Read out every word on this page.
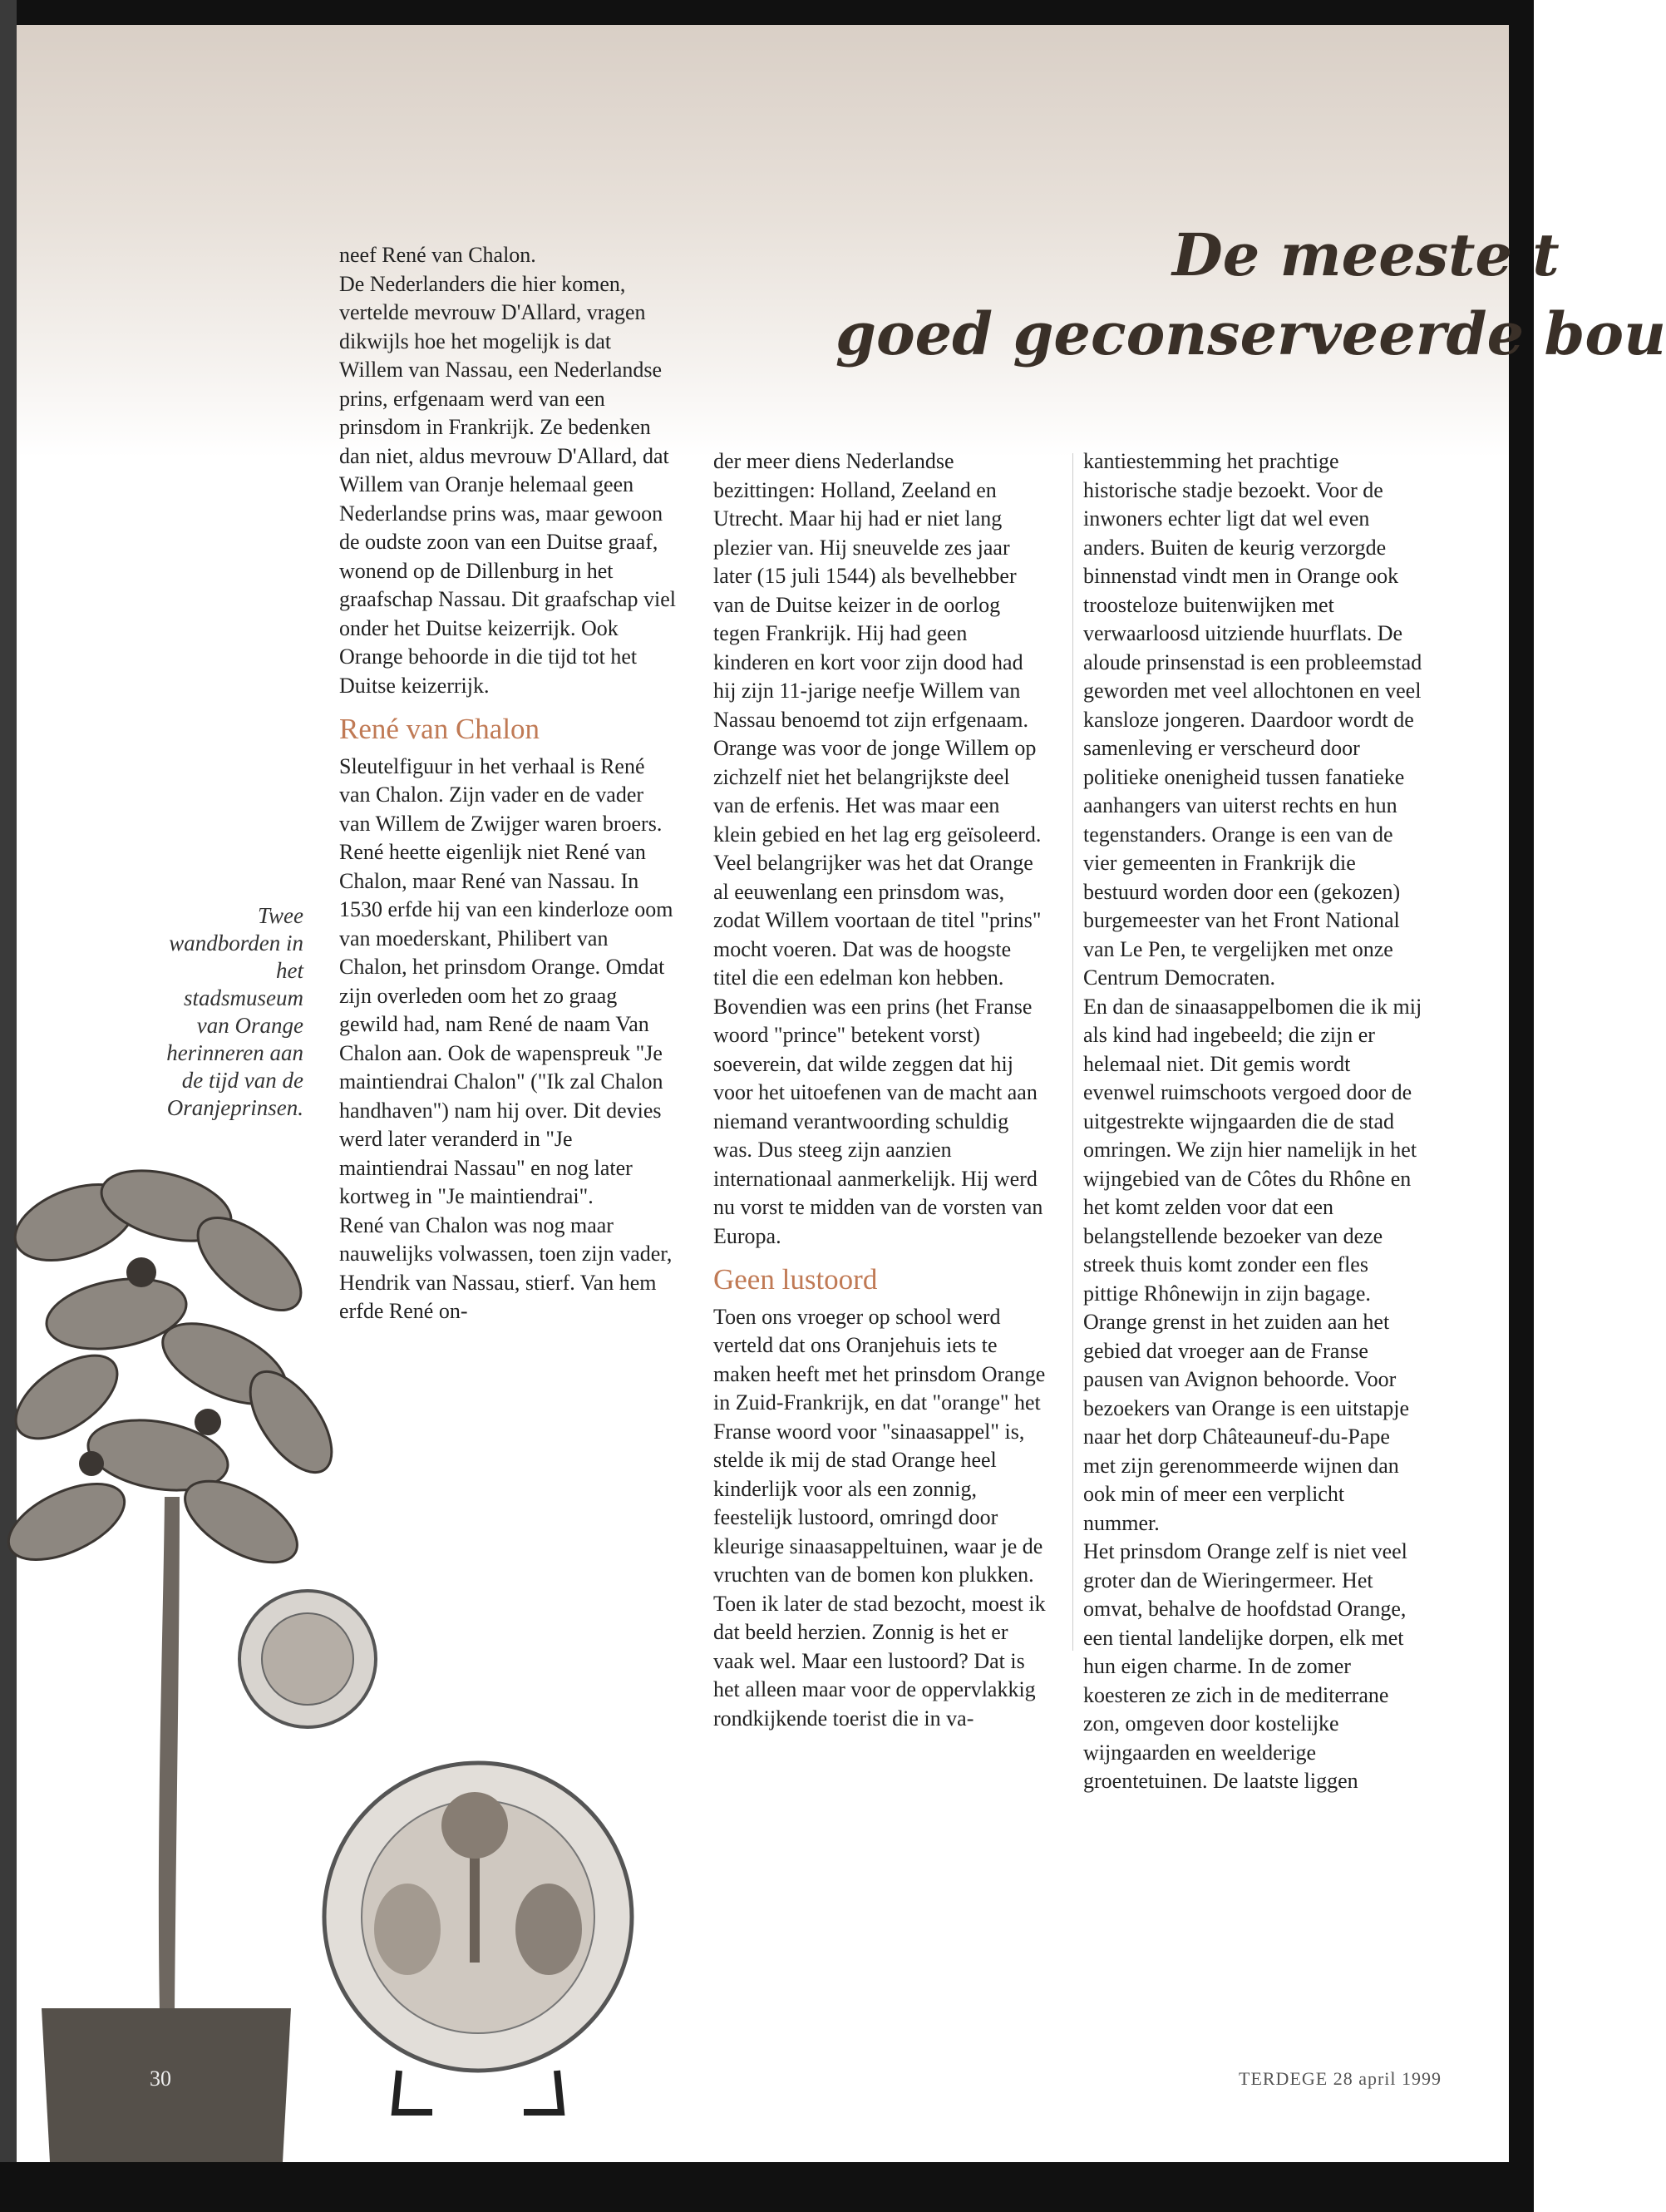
De meeste t
goed geconserveerde bou
Twee wandborden in het stadsmuseum van Orange herinneren aan de tijd van de Oranjeprinsen.

neef René van Chalon.

De Nederlanders die hier komen, vertelde mevrouw D'Allard, vragen dikwijls hoe het mogelijk is dat Willem van Nassau, een Nederlandse prins, erfgenaam werd van een prinsdom in Frankrijk. Ze bedenken dan niet, aldus mevrouw D'Allard, dat Willem van Oranje helemaal geen Nederlandse prins was, maar gewoon de oudste zoon van een Duitse graaf, wonend op de Dillenburg in het graafschap Nassau. Dit graafschap viel onder het Duitse keizerrijk. Ook Orange behoorde in die tijd tot het Duitse keizerrijk.

René van Chalon

Sleutelfiguur in het verhaal is René van Chalon. Zijn vader en de vader van Willem de Zwijger waren broers. René heette eigenlijk niet René van Chalon, maar René van Nassau. In 1530 erfde hij van een kinderloze oom van moederskant, Philibert van Chalon, het prinsdom Orange. Omdat zijn overleden oom het zo graag gewild had, nam René de naam Van Chalon aan. Ook de wapenspreuk "Je maintiendrai Chalon" ("Ik zal Chalon handhaven") nam hij over. Dit devies werd later veranderd in "Je maintiendrai Nassau" en nog later kortweg in "Je maintiendrai".

René van Chalon was nog maar nauwelijks volwassen, toen zijn vader, Hendrik van Nassau, stierf. Van hem erfde René on-

der meer diens Nederlandse bezittingen: Holland, Zeeland en Utrecht. Maar hij had er niet lang plezier van. Hij sneuvelde zes jaar later (15 juli 1544) als bevelhebber van de Duitse keizer in de oorlog tegen Frankrijk. Hij had geen kinderen en kort voor zijn dood had hij zijn 11-jarige neefje Willem van Nassau benoemd tot zijn erfgenaam.

Orange was voor de jonge Willem op zichzelf niet het belangrijkste deel van de erfenis. Het was maar een klein gebied en het lag erg geïsoleerd. Veel belangrijker was het dat Orange al eeuwenlang een prinsdom was, zodat Willem voortaan de titel "prins" mocht voeren. Dat was de hoogste titel die een edelman kon hebben. Bovendien was een prins (het Franse woord "prince" betekent vorst) soeverein, dat wilde zeggen dat hij voor het uitoefenen van de macht aan niemand verantwoording schuldig was. Dus steeg zijn aanzien internationaal aanmerkelijk. Hij werd nu vorst te midden van de vorsten van Europa.

Geen lustoord

Toen ons vroeger op school werd verteld dat ons Oranjehuis iets te maken heeft met het prinsdom Orange in Zuid-Frankrijk, en dat "orange" het Franse woord voor "sinaasappel" is, stelde ik mij de stad Orange heel kinderlijk voor als een zonnig, feestelijk lustoord, omringd door kleurige sinaasappeltuinen, waar je de vruchten van de bomen kon plukken. Toen ik later de stad bezocht, moest ik dat beeld herzien. Zonnig is het er vaak wel. Maar een lustoord? Dat is het alleen maar voor de oppervlakkig rondkijkende toerist die in va-

kantiestemming het prachtige historische stadje bezoekt. Voor de inwoners echter ligt dat wel even anders. Buiten de keurig verzorgde binnenstad vindt men in Orange ook troosteloze buitenwijken met verwaarloosd uitziende huurflats. De aloude prinsenstad is een probleemstad geworden met veel allochtonen en veel kansloze jongeren. Daardoor wordt de samenleving er verscheurd door politieke onenigheid tussen fanatieke aanhangers van uiterst rechts en hun tegenstanders. Orange is een van de vier gemeenten in Frankrijk die bestuurd worden door een (gekozen) burgemeester van het Front National van Le Pen, te vergelijken met onze Centrum Democraten.

En dan de sinaasappelbomen die ik mij als kind had ingebeeld; die zijn er helemaal niet. Dit gemis wordt evenwel ruimschoots vergoed door de uitgestrekte wijngaarden die de stad omringen. We zijn hier namelijk in het wijngebied van de Côtes du Rhône en het komt zelden voor dat een belangstellende bezoeker van deze streek thuis komt zonder een fles pittige Rhônewijn in zijn bagage. Orange grenst in het zuiden aan het gebied dat vroeger aan de Franse pausen van Avignon behoorde. Voor bezoekers van Orange is een uitstapje naar het dorp Châteauneuf-du-Pape met zijn gerenommeerde wijnen dan ook min of meer een verplicht nummer.

Het prinsdom Orange zelf is niet veel groter dan de Wieringermeer. Het omvat, behalve de hoofdstad Orange, een tiental landelijke dorpen, elk met hun eigen charme. In de zomer koesteren ze zich in de mediterrane zon, omgeven door kostelijke wijngaarden en weelderige groentetuinen. De laatste liggen

30	TERDEGE 28 april 1999
